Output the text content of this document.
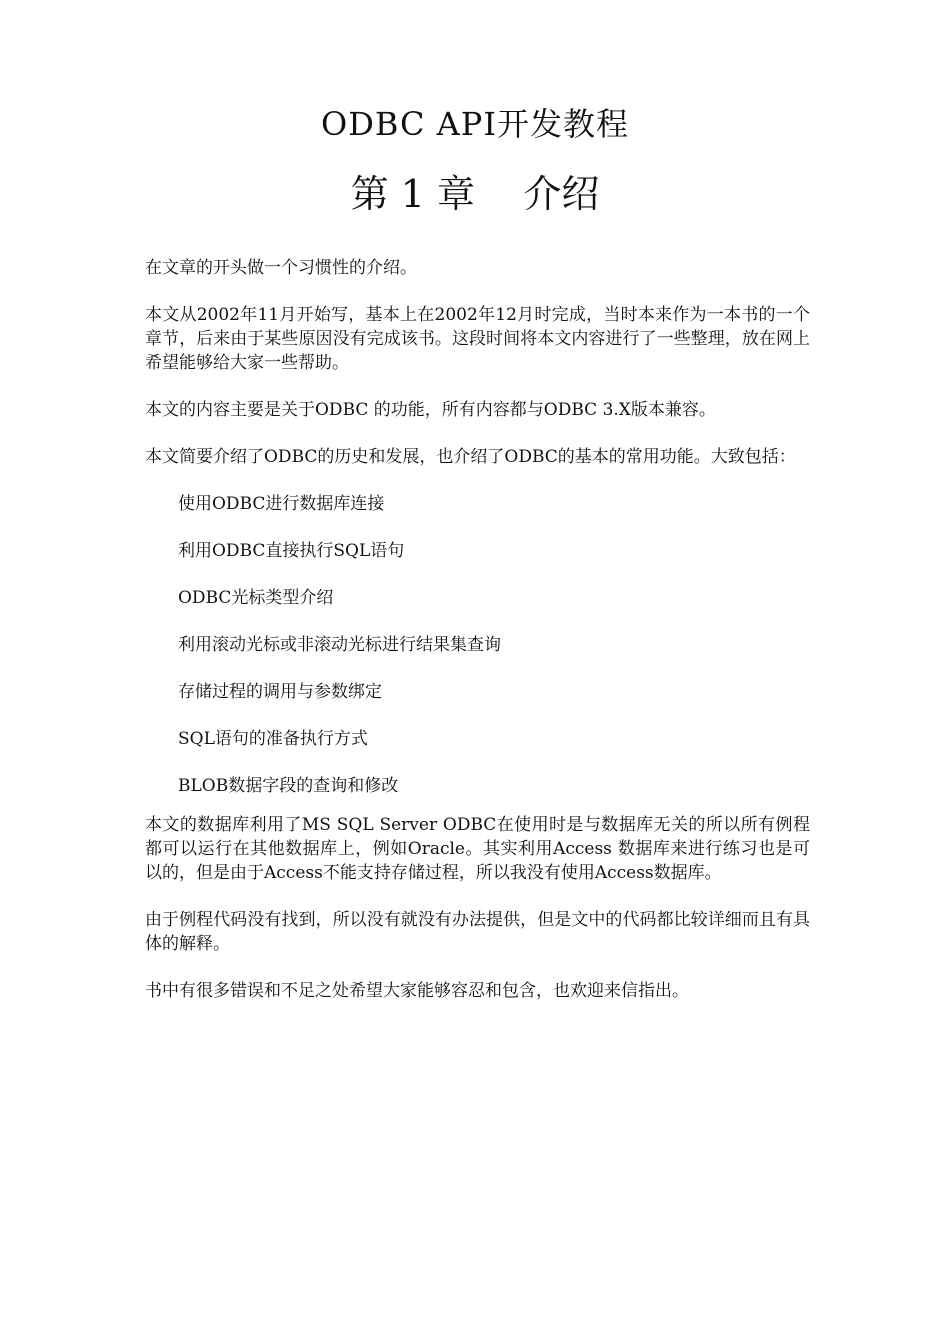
ODBC API开发教程
第 1 章    介绍

在文章的开头做一个习惯性的介绍。

本文从2002年11月开始写，基本上在2002年12月时完成，当时本来作为一本书的一个章节，后来由于某些原因没有完成该书。这段时间将本文内容进行了一些整理，放在网上希望能够给大家一些帮助。

本文的内容主要是关于ODBC 的功能，所有内容都与ODBC 3.X版本兼容。

本文简要介绍了ODBC的历史和发展，也介绍了ODBC的基本的常用功能。大致包括：

使用ODBC进行数据库连接
利用ODBC直接执行SQL语句
ODBC光标类型介绍
利用滚动光标或非滚动光标进行结果集查询
存储过程的调用与参数绑定
SQL语句的准备执行方式
BLOB数据字段的查询和修改

本文的数据库利用了MS SQL Server ODBC在使用时是与数据库无关的所以所有例程都可以运行在其他数据库上，例如Oracle。其实利用Access 数据库来进行练习也是可以的，但是由于Access不能支持存储过程，所以我没有使用Access数据库。

由于例程代码没有找到，所以没有就没有办法提供，但是文中的代码都比较详细而且有具体的解释。

书中有很多错误和不足之处希望大家能够容忍和包含，也欢迎来信指出。
